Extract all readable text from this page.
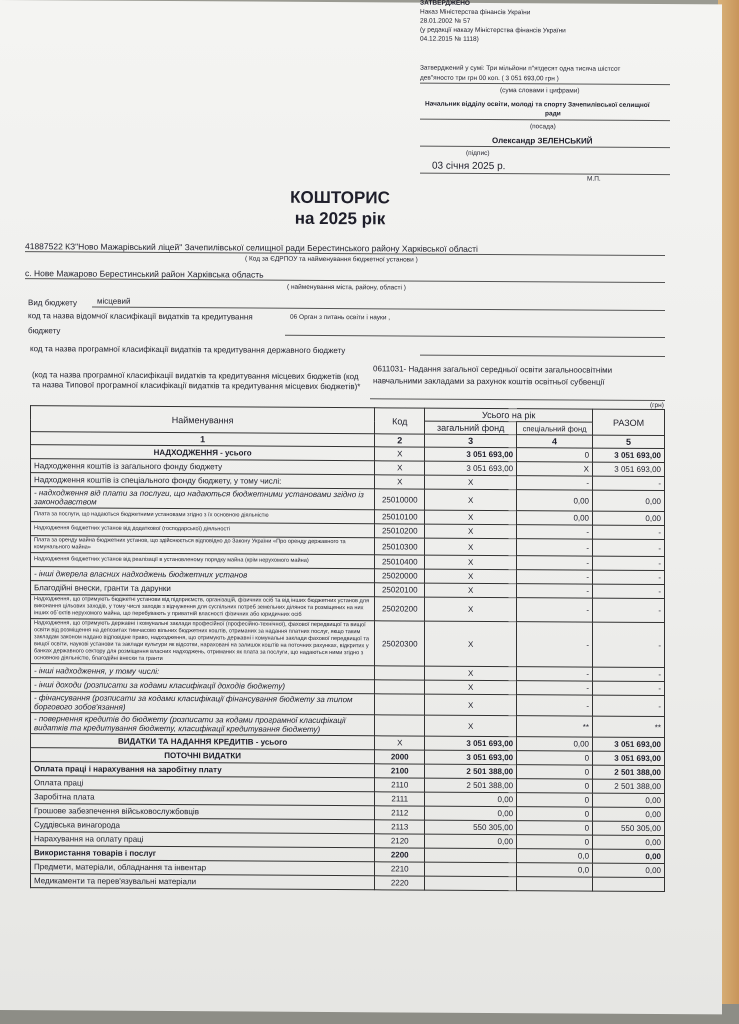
ЗАТВЕРДЖЕНО
Наказ Міністерства фінансів України
28.01.2002 № 57
(у редакції наказу Міністерства фінансів України
04.12.2015 № 1118)
Затверджений у сумі: Три мільйони п"ятдесят одна тисяча шістсот
дев"яносто три грн 00 коп. ( 3 051 693,00 грн )
(сума словами і цифрами)
Начальник відділу освіти, молоді та спорту Зачепилівської селищної
ради
(посада)
Олександр ЗЕЛЕНСЬКИЙ
(підпис)
03 січня 2025 р.
М.П.
КОШТОРИС
на 2025 рік
41887522 КЗ"Ново Мажарівський ліцей" Зачепилівської селищної ради Берестинського району Харківської області
( Код за ЄДРПОУ та найменування бюджетної установи )
с. Нове Мажарово Берестинський район Харківська область
( найменування міста, району, області )
Вид бюджету місцевий
код та назва відомчої класифікації видатків та кредитування
бюджету
06 Орган з питань освіти і науки ,
код та назва програмної класифікації видатків та кредитування державного бюджету
(код та назва програмної класифікації видатків та кредитування місцевих бюджетів (код
та назва Типової програмної класифікації видатків та кредитування місцевих бюджетів)*
0611031- Надання загальної середньої освіти загальноосвітніми
навчальними закладами за рахунок коштів освітньої субвенції
(грн)
Найменування	Код	Усього на рік		РАЗОМ
		загальний фонд	спеціальний фонд	
1	2	3	4	5
НАДХОДЖЕННЯ - усього	Х	3 051 693,00	0	3 051 693,00
Надходження коштів із загального фонду бюджету	Х	3 051 693,00	Х	3 051 693,00
Надходження коштів із спеціального фонду бюджету, у тому числі:	Х	Х	-	-
- надходження від плати за послуги, що надаються бюджетними установами згідно із законодавством	25010000	Х	0,00	0,00
Плата за послуги, що надаються бюджетними установами згідно з їх основною діяльністю	25010100	Х	0,00	0,00
Надходження бюджетних установ від додаткової (господарської) діяльності	25010200	Х	-	-
Плата за оренду майна бюджетних установ, що здійснюється відповідно до Закону України «Про оренду державного та комунального майна»	25010300	Х	-	-
Надходження бюджетних установ від реалізації в установленому порядку майна (крім нерухомого майна)	25010400	Х	-	-
- інші джерела власних надходжень бюджетних установ	25020000	Х	-	-
Благодійні внески, гранти та дарунки	25020100	Х	-	-
Надходження, що отримують бюджетні установи від підприємств, організацій, фізичних осіб та від інших бюджетних установ для виконання цільових заходів, у тому числі заходів з відчуження для суспільних потреб земельних ділянок та розміщених на них інших об`єктів нерухомого майна, що перебувають у приватній власності фізичних або юридичних осіб	25020200	Х	-	-
Надходження, що отримують державні і комунальні заклади професійної (професійно-технічної), фахової передвищої та вищої освіти від розміщення на депозитах тимчасово вільних бюджетних коштів, отриманих за надання платних послуг, якщо таким закладам законом надано відповідне право, надходження, що отримують державні і комунальні заклади фахової передвищої та вищої освіти, наукові установи та заклади культури як відсотки, нараховані на залишок коштів на поточних рахунках, відкритих у банках державного сектору для розміщення власних надходжень, отриманих як плата за послуги, що надаються ними згідно з основною діяльністю, благодійні внески та гранти	25020300	Х	-	-
- інші надходження, у тому числі:		Х	-	-
- інші доходи (розписати за кодами класифікації доходів бюджету)		Х	-	-
- фінансування (розписати за кодами класифікації фінансування бюджету за типом боргового зобов'язання)		Х	-	-
- повернення кредитів до бюджету (розписати за кодами програмної класифікації видатків та кредитування бюджету, класифікації кредитування бюджету)		Х	**	**
ВИДАТКИ ТА НАДАННЯ КРЕДИТІВ - усього	Х	3 051 693,00	0,00	3 051 693,00
ПОТОЧНІ ВИДАТКИ	2000	3 051 693,00	0	3 051 693,00
Оплата праці і нарахування на заробітну плату	2100	2 501 388,00	0	2 501 388,00
Оплата праці	2110	2 501 388,00	0	2 501 388,00
Заробітна плата	2111	0,00	0	0,00
Грошове забезпечення військовослужбовців	2112	0,00	0	0,00
Суддівська винагорода	2113	550 305,00	0	550 305,00
Нарахування на оплату праці	2120	0,00	0	0,00
Використання товарів і послуг	2200		0,0	0,00
Предмети, матеріали, обладнання та інвентар	2210		0,0	0,00
Медикаменти та перев'язувальні матеріали	2220			
